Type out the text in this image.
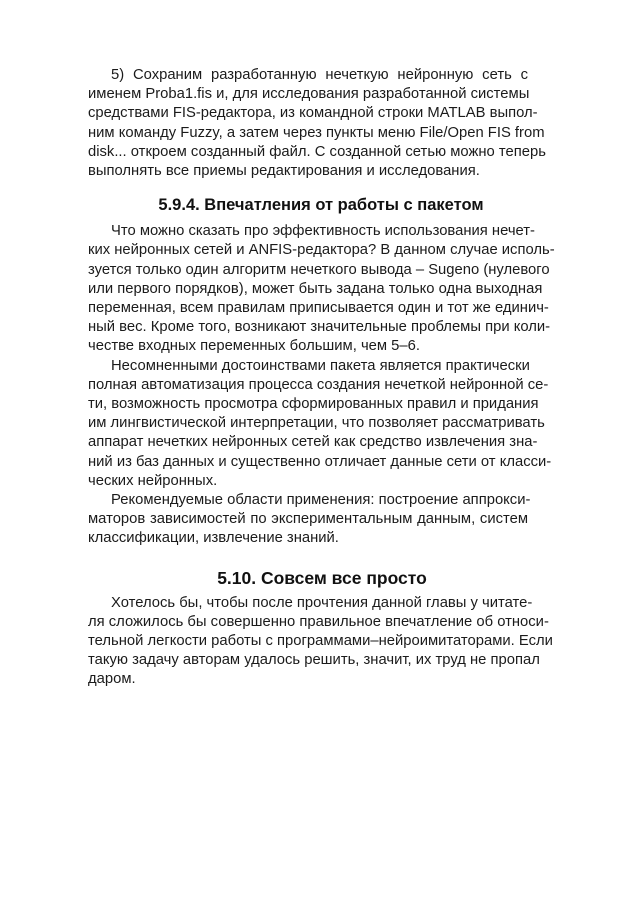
5) Сохраним разработанную нечеткую нейронную сеть с
именем Proba1.fis и, для исследования разработанной системы
средствами FIS-редактора, из командной строки MATLAB выпол-
ним команду Fuzzy, а затем через пункты меню File/Open FIS from
disk... откроем созданный файл. С созданной сетью можно теперь
выполнять все приемы редактирования и исследования.

5.9.4. Впечатления от работы с пакетом

Что можно сказать про эффективность использования нечет-
ких нейронных сетей и ANFIS-редактора? В данном случае исполь-
зуется только один алгоритм нечеткого вывода – Sugeno (нулевого
или первого порядков), может быть задана только одна выходная
переменная, всем правилам приписывается один и тот же единич-
ный вес. Кроме того, возникают значительные проблемы при коли-
честве входных переменных большим, чем 5–6.

Несомненными достоинствами пакета является практически
полная автоматизация процесса создания нечеткой нейронной се-
ти, возможность просмотра сформированных правил и придания
им лингвистической интерпретации, что позволяет рассматривать
аппарат нечетких нейронных сетей как средство извлечения зна-
ний из баз данных и существенно отличает данные сети от класси-
ческих нейронных.

Рекомендуемые области применения: построение аппрокси-
маторов зависимостей по экспериментальным данным, систем
классификации, извлечение знаний.

5.10. Совсем все просто

Хотелось бы, чтобы после прочтения данной главы у читате-
ля сложилось бы совершенно правильное впечатление об относи-
тельной легкости работы с программами–нейроимитаторами. Если
такую задачу авторам удалось решить, значит, их труд не пропал
даром.
